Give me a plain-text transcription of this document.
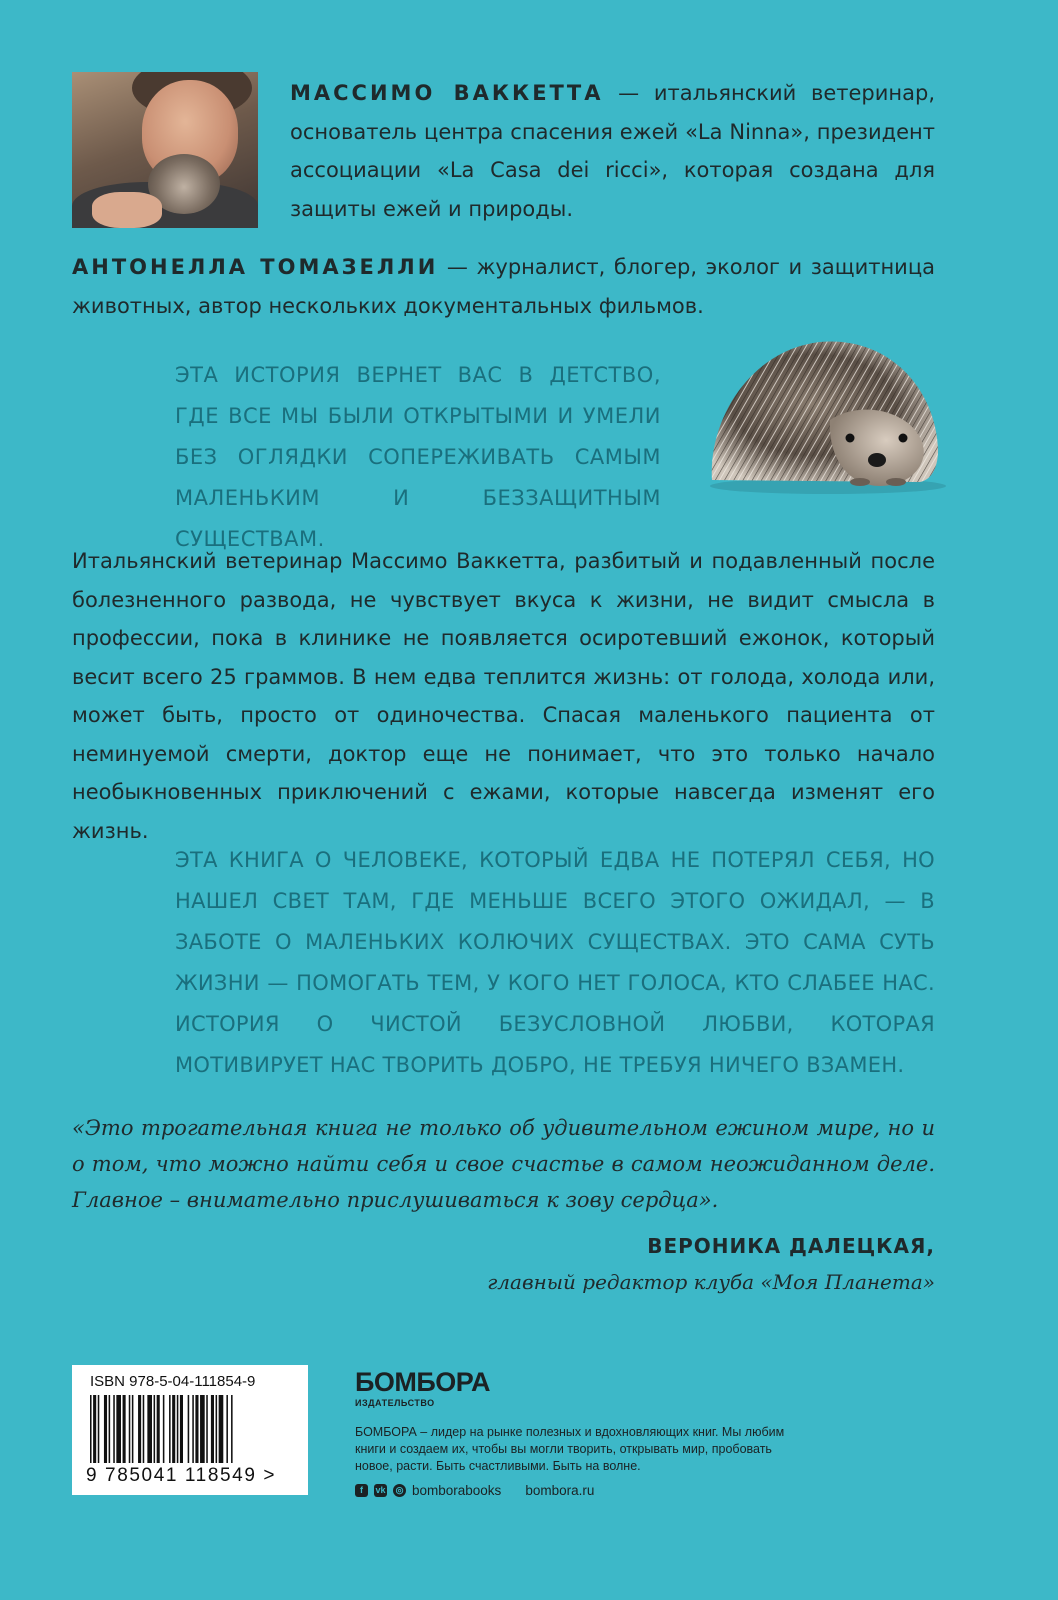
МАССИМО ВАККЕТТА — итальянский ветеринар, основатель центра спасения ежей «La Ninna», президент ассоциации «La Casa dei ricci», которая создана для защиты ежей и природы.

АНТОНЕЛЛА ТОМАЗЕЛЛИ — журналист, блогер, эколог и защитница животных, автор нескольких документальных фильмов.

ЭТА ИСТОРИЯ ВЕРНЕТ ВАС В ДЕТСТВО, ГДЕ ВСЕ МЫ БЫЛИ ОТКРЫТЫМИ И УМЕЛИ БЕЗ ОГЛЯДКИ СОПЕРЕЖИВАТЬ САМЫМ МАЛЕНЬКИМ И БЕЗЗАЩИТНЫМ СУЩЕСТВАМ.

Итальянский ветеринар Массимо Ваккетта, разбитый и подавленный после болезненного развода, не чувствует вкуса к жизни, не видит смысла в профессии, пока в клинике не появляется осиротевший ежонок, который весит всего 25 граммов. В нем едва теплится жизнь: от голода, холода или, может быть, просто от одиночества. Спасая маленького пациента от неминуемой смерти, доктор еще не понимает, что это только начало необыкновенных приключений с ежами, которые навсегда изменят его жизнь.

ЭТА КНИГА О ЧЕЛОВЕКЕ, КОТОРЫЙ ЕДВА НЕ ПОТЕРЯЛ СЕБЯ, НО НАШЕЛ СВЕТ ТАМ, ГДЕ МЕНЬШЕ ВСЕГО ЭТОГО ОЖИДАЛ, — В ЗАБОТЕ О МАЛЕНЬКИХ КОЛЮЧИХ СУЩЕСТВАХ. ЭТО САМА СУТЬ ЖИЗНИ — ПОМОГАТЬ ТЕМ, У КОГО НЕТ ГОЛОСА, КТО СЛАБЕЕ НАС. ИСТОРИЯ О ЧИСТОЙ БЕЗУСЛОВНОЙ ЛЮБВИ, КОТОРАЯ МОТИВИРУЕТ НАС ТВОРИТЬ ДОБРО, НЕ ТРЕБУЯ НИЧЕГО ВЗАМЕН.

«Это трогательная книга не только об удивительном ежином мире, но и о том, что можно найти себя и свое счастье в самом неожиданном деле. Главное – внимательно прислушиваться к зову сердца».

ВЕРОНИКА ДАЛЕЦКАЯ,
главный редактор клуба «Моя Планета»
ISBN 978-5-04-111854-9
9 785041 118549 >
БОМБОРА
ИЗДАТЕЛЬСТВО
БОМБОРА – лидер на рынке полезных и вдохновляющих книг. Мы любим книги и создаем их, чтобы вы могли творить, открывать мир, пробовать новое, расти. Быть счастливыми. Быть на волне.
f	vk ◎ bomborabooks bombora.ru
